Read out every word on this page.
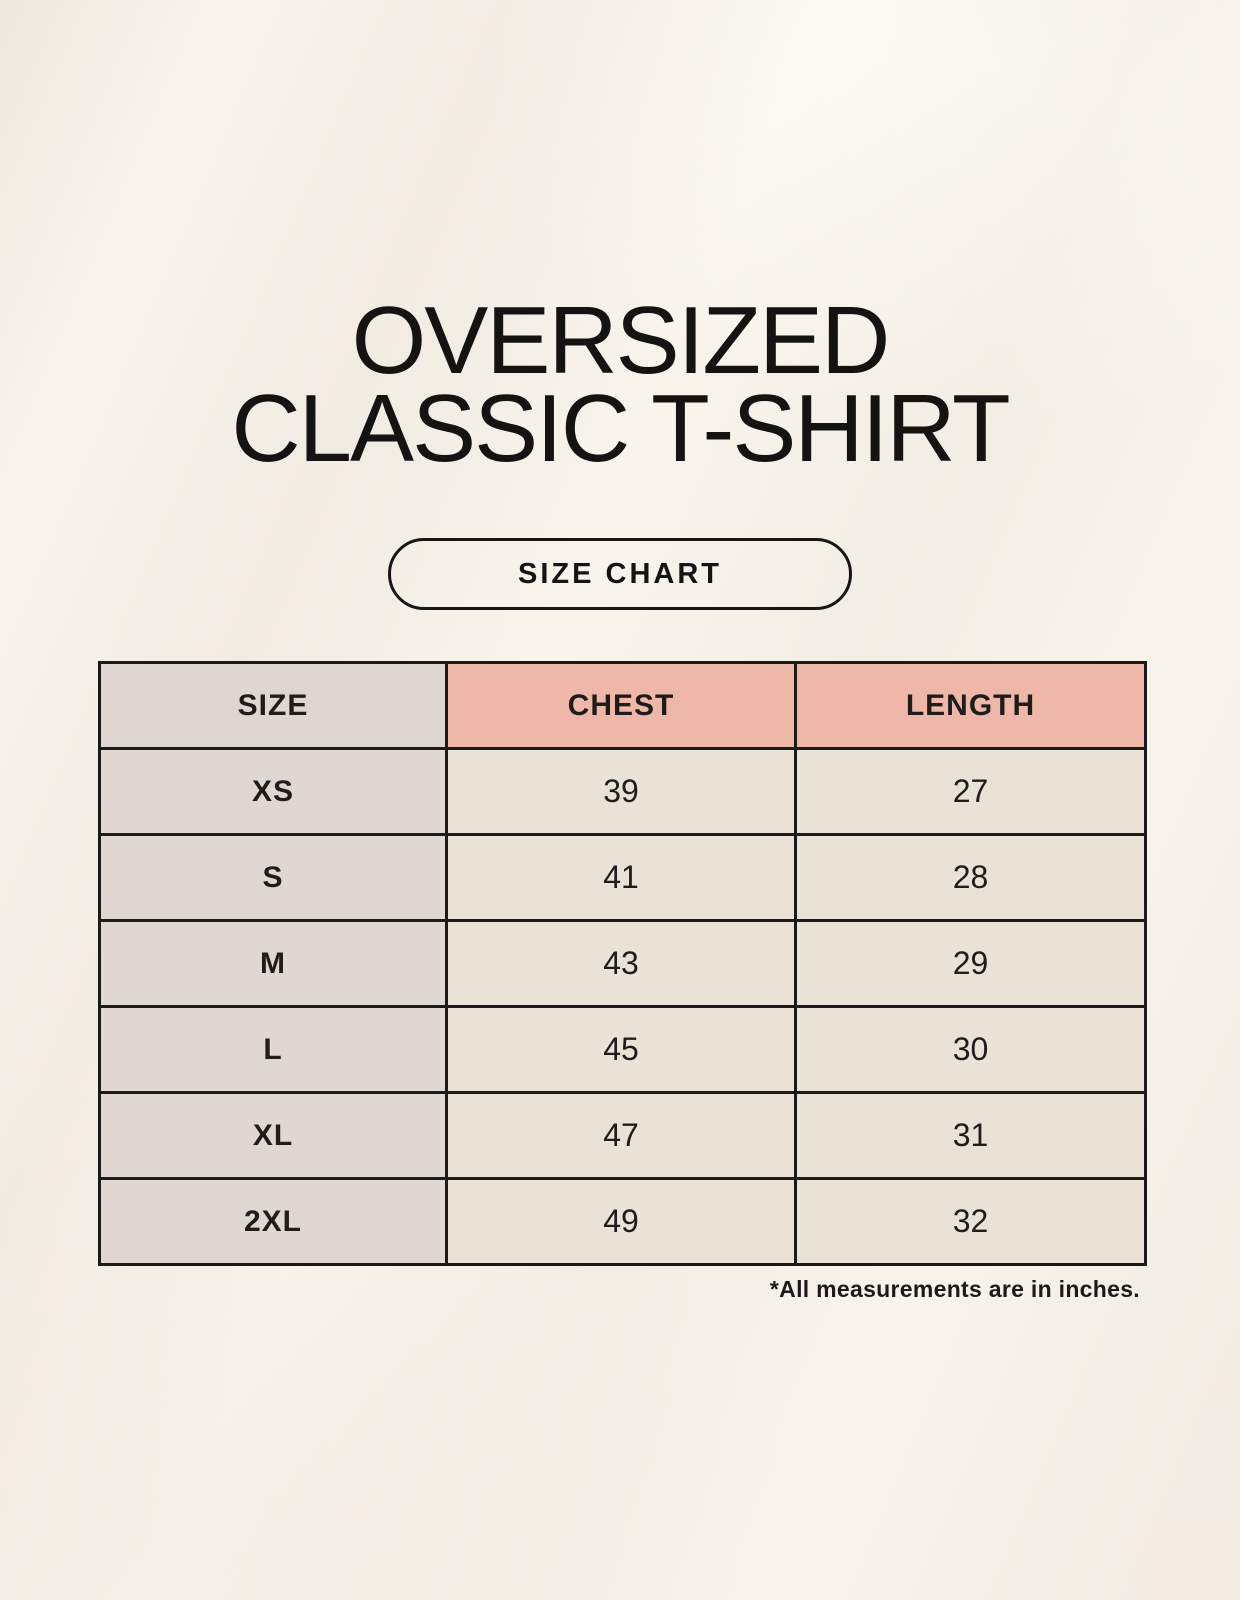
OVERSIZED
CLASSIC T-SHIRT
SIZE CHART
SIZE	CHEST	LENGTH
XS	39	27
S	41	28
M	43	29
L	45	30
XL	47	31
2XL	49	32
*All measurements are in inches.
